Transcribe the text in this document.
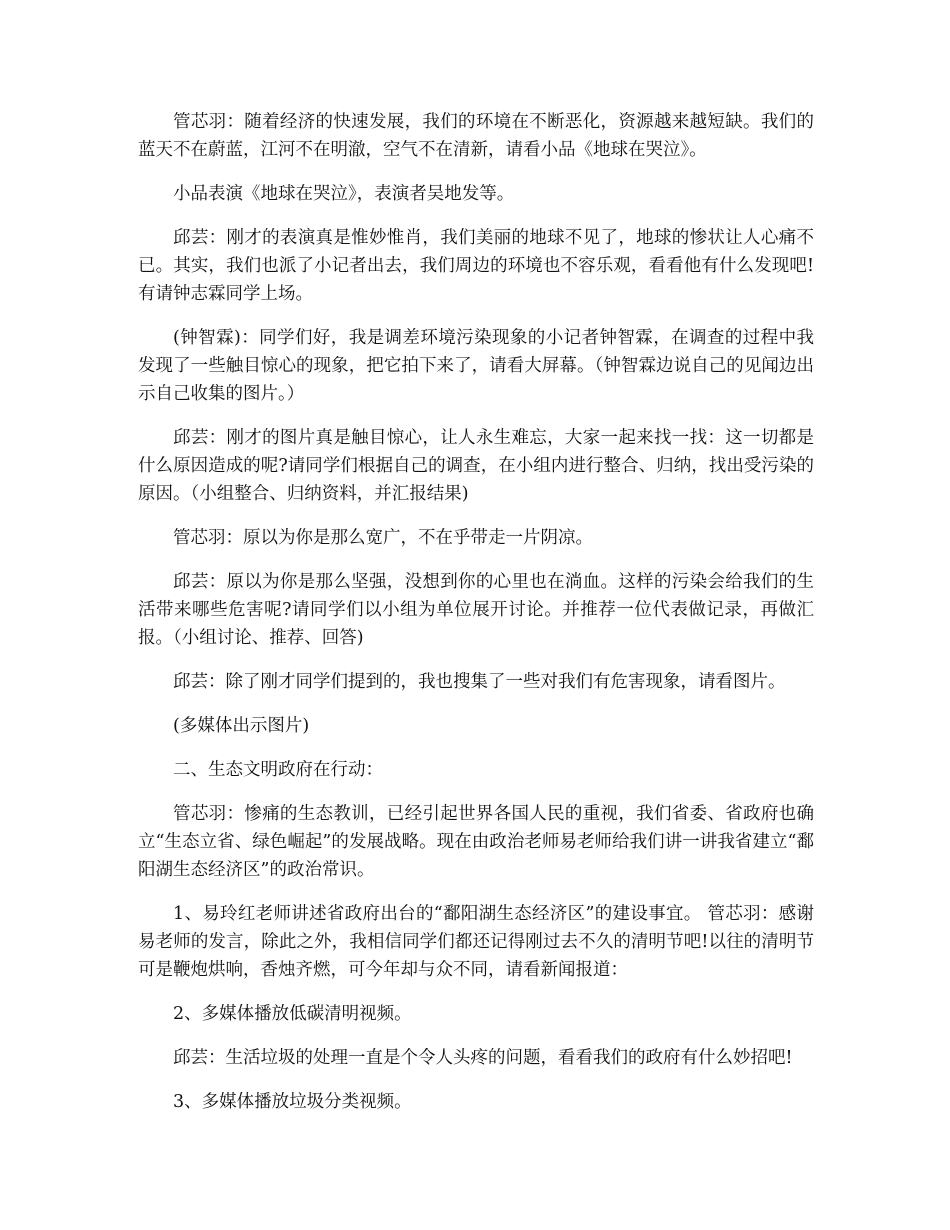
管芯羽：随着经济的快速发展，我们的环境在不断恶化，资源越来越短缺。我们的蓝天不在蔚蓝，江河不在明澈，空气不在清新，请看小品《地球在哭泣》。

小品表演《地球在哭泣》，表演者吴地发等。

邱芸：刚才的表演真是惟妙惟肖，我们美丽的地球不见了，地球的惨状让人心痛不已。其实，我们也派了小记者出去，我们周边的环境也不容乐观，看看他有什么发现吧!有请钟志霖同学上场。

(钟智霖)：同学们好，我是调差环境污染现象的小记者钟智霖，在调查的过程中我发现了一些触目惊心的现象，把它拍下来了，请看大屏幕。（钟智霖边说自己的见闻边出示自己收集的图片。）

邱芸：刚才的图片真是触目惊心，让人永生难忘，大家一起来找一找：这一切都是什么原因造成的呢?请同学们根据自己的调查，在小组内进行整合、归纳，找出受污染的原因。（小组整合、归纳资料，并汇报结果)

管芯羽：原以为你是那么宽广，不在乎带走一片阴凉。

邱芸：原以为你是那么坚强，没想到你的心里也在淌血。这样的污染会给我们的生活带来哪些危害呢?请同学们以小组为单位展开讨论。并推荐一位代表做记录，再做汇报。（小组讨论、推荐、回答)

邱芸：除了刚才同学们提到的，我也搜集了一些对我们有危害现象，请看图片。

(多媒体出示图片)

二、生态文明政府在行动：

管芯羽：惨痛的生态教训，已经引起世界各国人民的重视，我们省委、省政府也确立“生态立省、绿色崛起”的发展战略。现在由政治老师易老师给我们讲一讲我省建立“鄱阳湖生态经济区”的政治常识。

1、易玲红老师讲述省政府出台的“鄱阳湖生态经济区”的建设事宜。 管芯羽：感谢易老师的发言，除此之外，我相信同学们都还记得刚过去不久的清明节吧!以往的清明节可是鞭炮烘响，香烛齐燃，可今年却与众不同，请看新闻报道：

2、多媒体播放低碳清明视频。

邱芸：生活垃圾的处理一直是个令人头疼的问题，看看我们的政府有什么妙招吧!

3、多媒体播放垃圾分类视频。
